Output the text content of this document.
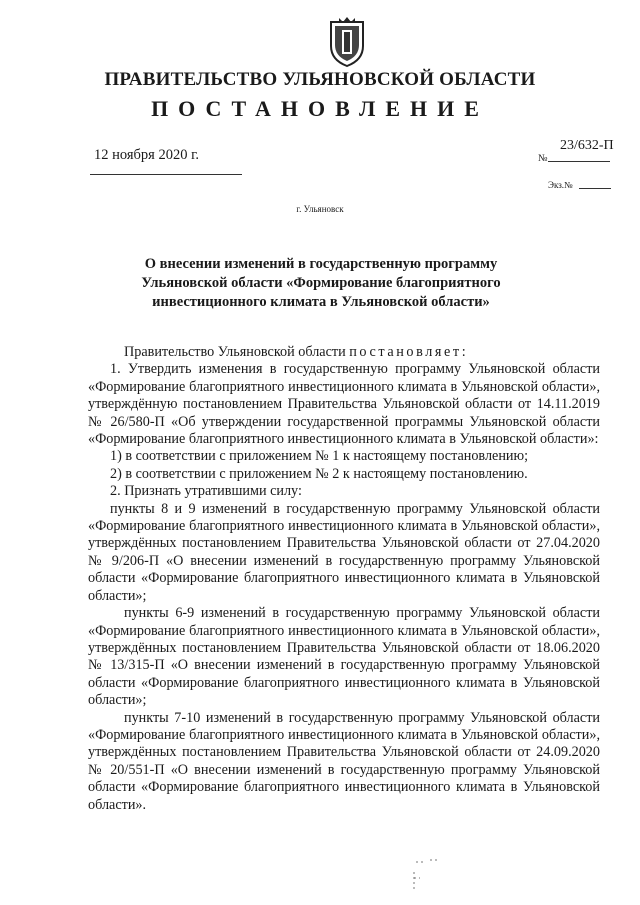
ПРАВИТЕЛЬСТВО УЛЬЯНОВСКОЙ ОБЛАСТИ
ПОСТАНОВЛЕНИЕ
12 ноября 2020 г.	№
23/632-П
Экз.№
г. Ульяновск
О внесении изменений в государственную программу Ульяновской области «Формирование благоприятного инвестиционного климата в Ульяновской области»

Правительство Ульяновской области постановляет:

1. Утвердить изменения в государственную программу Ульяновской области «Формирование благоприятного инвестиционного климата в Ульяновской области», утверждённую постановлением Правительства Ульяновской области от 14.11.2019 № 26/580-П «Об утверждении государственной программы Ульяновской области «Формирование благоприятного инвестиционного климата в Ульяновской области»:

1) в соответствии с приложением № 1 к настоящему постановлению;

2) в соответствии с приложением № 2 к настоящему постановлению.

2. Признать утратившими силу:

пункты 8 и 9 изменений в государственную программу Ульяновской области «Формирование благоприятного инвестиционного климата в Ульяновской области», утверждённых постановлением Правительства Ульяновской области от 27.04.2020 № 9/206-П «О внесении изменений в государственную программу Ульяновской области «Формирование благоприятного инвестиционного климата в Ульяновской области»;

пункты 6-9 изменений в государственную программу Ульяновской области «Формирование благоприятного инвестиционного климата в Ульяновской области», утверждённых постановлением Правительства Ульяновской области от 18.06.2020 № 13/315-П «О внесении изменений в государственную программу Ульяновской области «Формирование благоприятного инвестиционного климата в Ульяновской области»;

пункты 7-10 изменений в государственную программу Ульяновской области «Формирование благоприятного инвестиционного климата в Ульяновской области», утверждённых постановлением Правительства Ульяновской области от 24.09.2020 № 20/551-П «О внесении изменений в государственную программу Ульяновской области «Формирование благоприятного инвестиционного климата в Ульяновской области».
